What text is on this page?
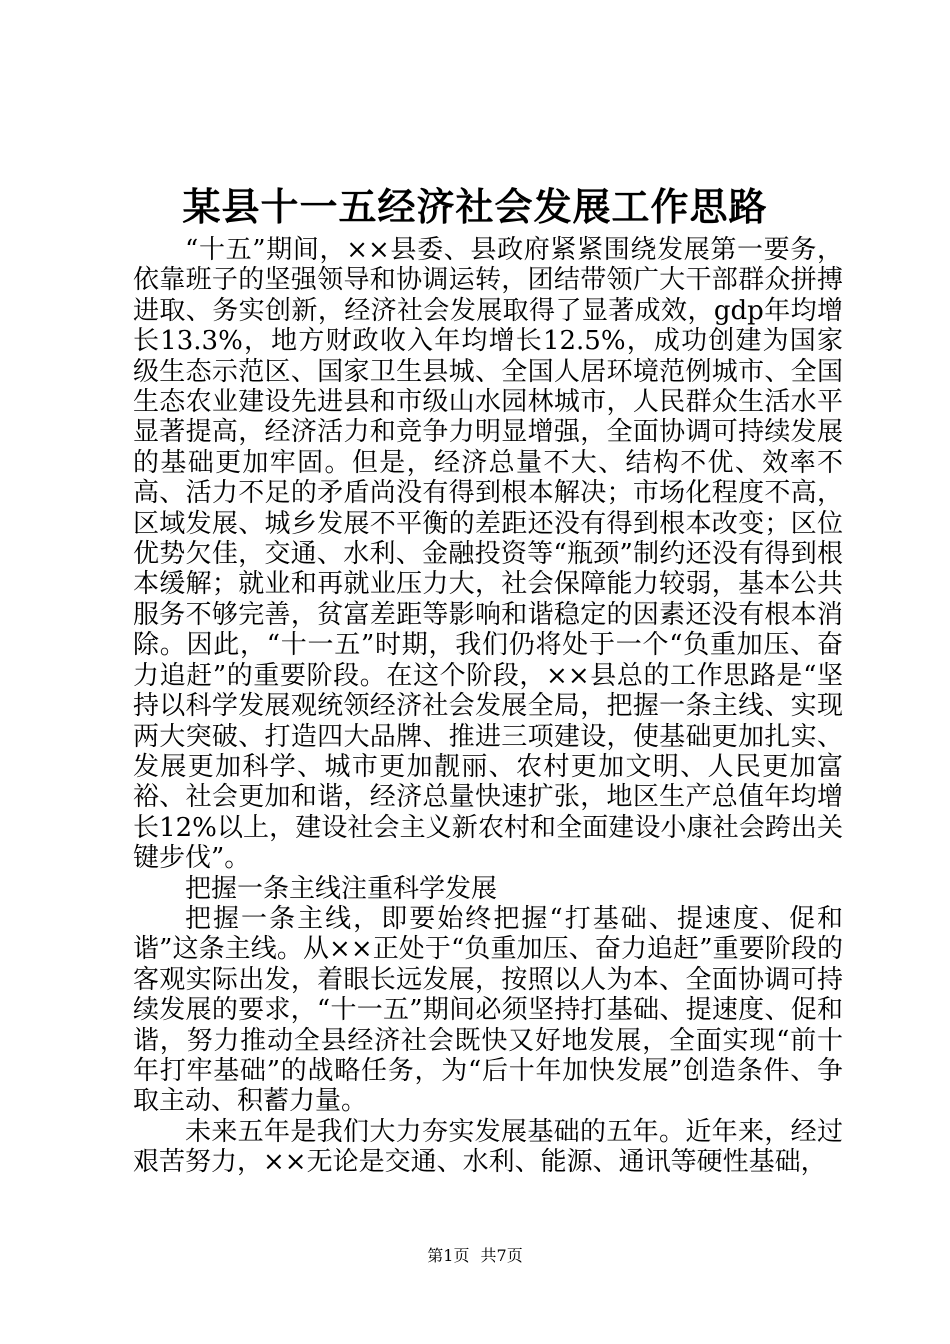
某县十一五经济社会发展工作思路

“十五”期间，××县委、县政府紧紧围绕发展第一要务，依靠班子的坚强领导和协调运转，团结带领广大干部群众拼搏进取、务实创新，经济社会发展取得了显著成效，gdp年均增长13.3%，地方财政收入年均增长12.5%，成功创建为国家级生态示范区、国家卫生县城、全国人居环境范例城市、全国生态农业建设先进县和市级山水园林城市，人民群众生活水平显著提高，经济活力和竞争力明显增强，全面协调可持续发展的基础更加牢固。但是，经济总量不大、结构不优、效率不高、活力不足的矛盾尚没有得到根本解决；市场化程度不高，区域发展、城乡发展不平衡的差距还没有得到根本改变；区位优势欠佳，交通、水利、金融投资等“瓶颈”制约还没有得到根本缓解；就业和再就业压力大，社会保障能力较弱，基本公共服务不够完善，贫富差距等影响和谐稳定的因素还没有根本消除。因此，“十一五”时期，我们仍将处于一个“负重加压、奋力追赶”的重要阶段。在这个阶段，××县总的工作思路是“坚持以科学发展观统领经济社会发展全局，把握一条主线、实现两大突破、打造四大品牌、推进三项建设，使基础更加扎实、发展更加科学、城市更加靓丽、农村更加文明、人民更加富裕、社会更加和谐，经济总量快速扩张，地区生产总值年均增长12%以上，建设社会主义新农村和全面建设小康社会跨出关键步伐”。

把握一条主线注重科学发展

把握一条主线，即要始终把握“打基础、提速度、促和谐”这条主线。从××正处于“负重加压、奋力追赶”重要阶段的客观实际出发，着眼长远发展，按照以人为本、全面协调可持续发展的要求，“十一五”期间必须坚持打基础、提速度、促和谐，努力推动全县经济社会既快又好地发展，全面实现“前十年打牢基础”的战略任务，为“后十年加快发展”创造条件、争取主动、积蓄力量。

未来五年是我们大力夯实发展基础的五年。近年来，经过艰苦努力，××无论是交通、水利、能源、通讯等硬性基础，

第1页 共7页
